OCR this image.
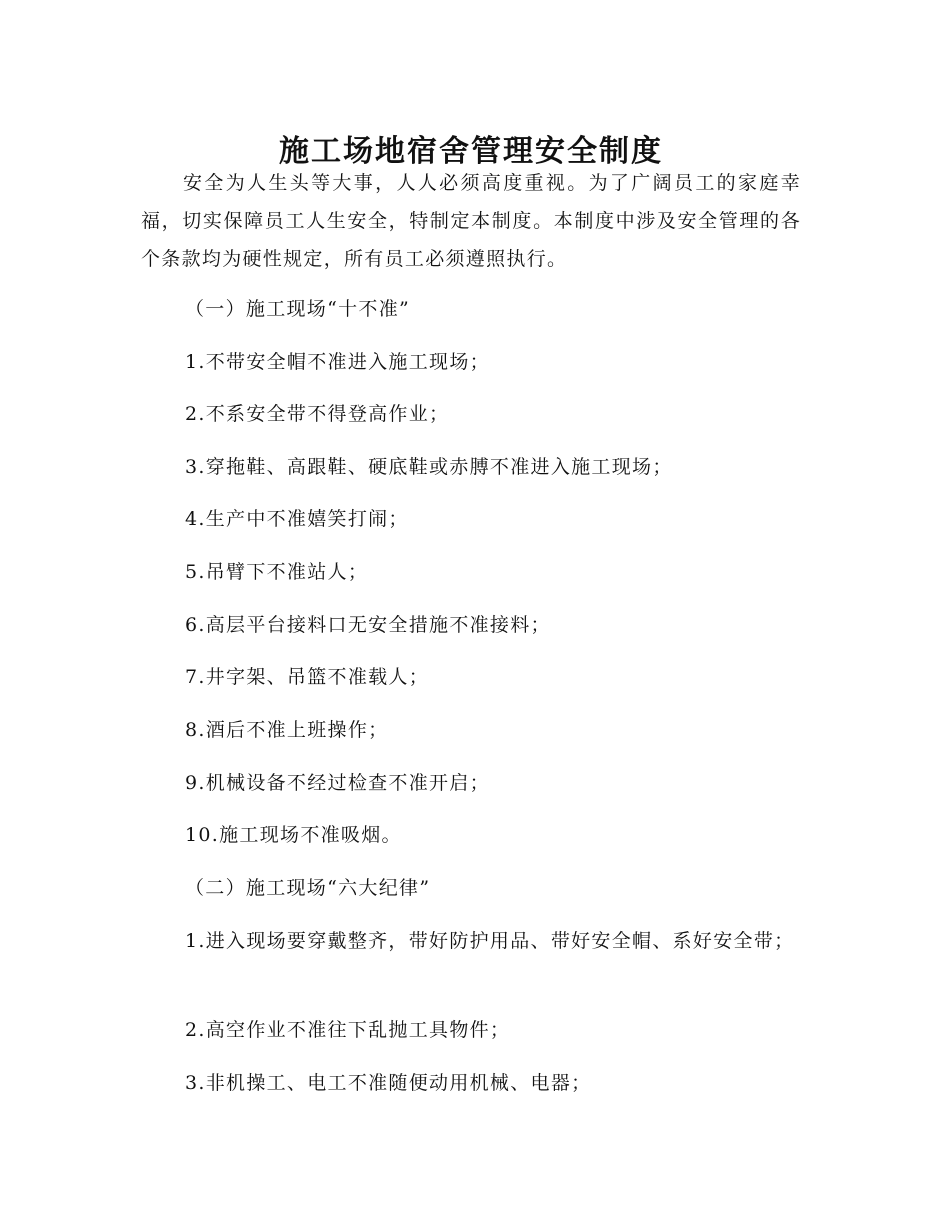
施工场地宿舍管理安全制度

安全为人生头等大事，人人必须高度重视。为了广阔员工的家庭幸福，切实保障员工人生安全，特制定本制度。本制度中涉及安全管理的各个条款均为硬性规定，所有员工必须遵照执行。

（一）施工现场“十不准”

1.不带安全帽不准进入施工现场；

2.不系安全带不得登高作业；

3.穿拖鞋、高跟鞋、硬底鞋或赤膊不准进入施工现场；

4.生产中不准嬉笑打闹；

5.吊臂下不准站人；

6.高层平台接料口无安全措施不准接料；

7.井字架、吊篮不准载人；

8.酒后不准上班操作；

9.机械设备不经过检查不准开启；

10.施工现场不准吸烟。

（二）施工现场“六大纪律”

1.进入现场要穿戴整齐，带好防护用品、带好安全帽、系好安全带；

2.高空作业不准往下乱抛工具物件；

3.非机操工、电工不准随便动用机械、电器；
